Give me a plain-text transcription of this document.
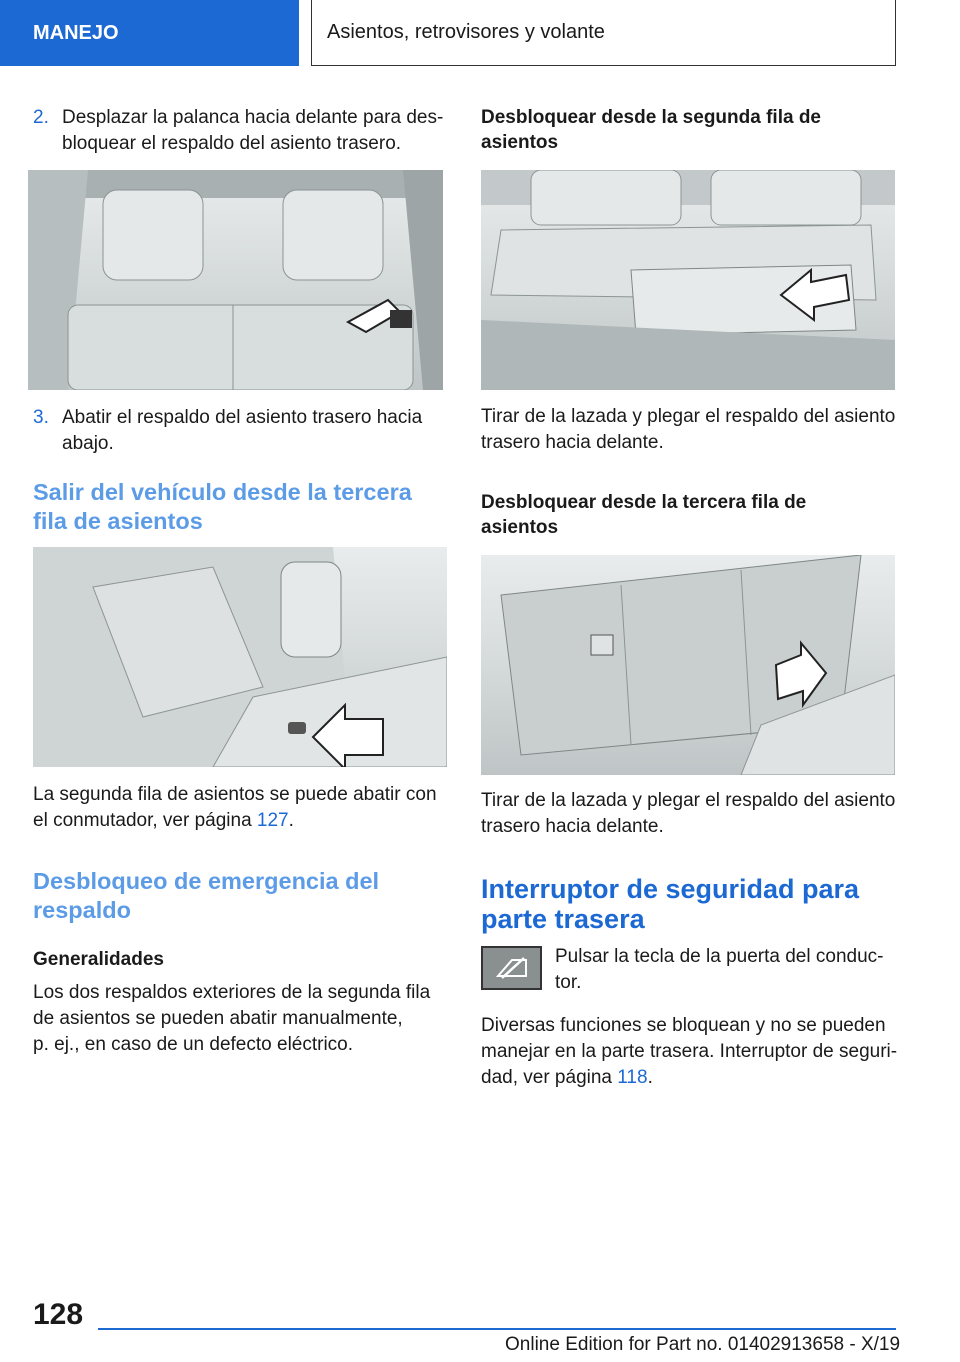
MANEJO	Asientos, retrovisores y volante
2. Desplazar la palanca hacia delante para des-
bloquear el respaldo del asiento trasero.
3. Abatir el respaldo del asiento trasero hacia
abajo.
Salir del vehículo desde la tercera
fila de asientos
La segunda fila de asientos se puede abatir con
el conmutador, ver página 127.
Desbloqueo de emergencia del
respaldo
Generalidades
Los dos respaldos exteriores de la segunda fila
de asientos se pueden abatir manualmente,
p. ej., en caso de un defecto eléctrico.
Desbloquear desde la segunda fila de
asientos
Tirar de la lazada y plegar el respaldo del asiento
trasero hacia delante.
Desbloquear desde la tercera fila de
asientos
Tirar de la lazada y plegar el respaldo del asiento
trasero hacia delante.
Interruptor de seguridad para
parte trasera
Pulsar la tecla de la puerta del conduc-
tor.
Diversas funciones se bloquean y no se pueden
manejar en la parte trasera. Interruptor de seguri-
dad, ver página 118.
128
Online Edition for Part no. 01402913658 - X/19
